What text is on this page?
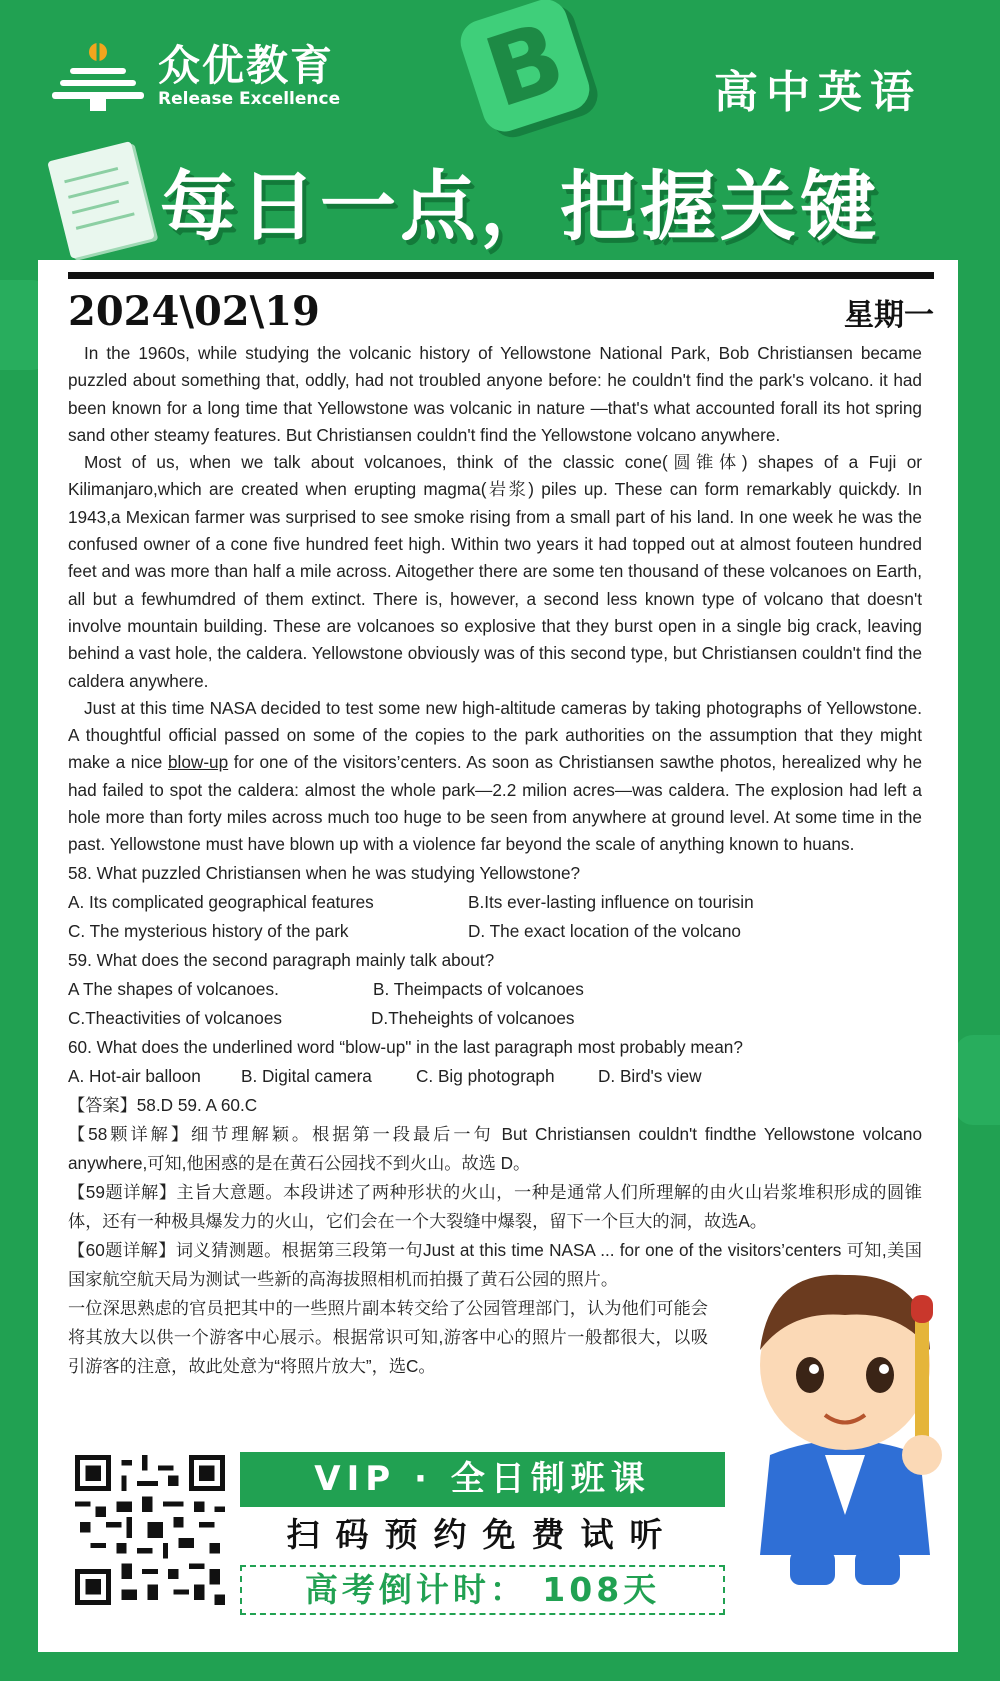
众优教育
Release Excellence B	高中英语
每日一点，把握关键
2024\02\19	星期一

In the 1960s, while studying the volcanic history of Yellowstone National Park, Bob Christiansen became puzzled about something that, oddly, had not troubled anyone before: he couldn't find the park's volcano. it had been known for a long time that Yellowstone was volcanic in nature —that's what accounted forall its hot spring sand other steamy features. But Christiansen couldn't find the Yellowstone volcano anywhere.

Most of us, when we talk about volcanoes, think of the classic cone(圆锥体) shapes of a Fuji or Kilimanjaro,which are created when erupting magma(岩浆) piles up. These can form remarkably quickdy. In 1943,a Mexican farmer was surprised to see smoke rising from a small part of his land. In one week he was the confused owner of a cone five hundred feet high. Within two years it had topped out at almost fouteen hundred feet and was more than half a mile across. Aitogether there are some ten thousand of these volcanoes on Earth, all but a fewhumdred of them extinct. There is, however, a second less known type of volcano that doesn't involve mountain building. These are volcanoes so explosive that they burst open in a single big crack, leaving behind a vast hole, the caldera. Yellowstone obviously was of this second type, but Christiansen couldn't find the caldera anywhere.

Just at this time NASA decided to test some new high-altitude cameras by taking photographs of Yellowstone. A thoughtful official passed on some of the copies to the park authorities on the assumption that they might make a nice blow-up for one of the visitors’centers. As soon as Christiansen sawthe photos, herealized why he had failed to spot the caldera: almost the whole park—2.2 milion acres—was caldera. The explosion had left a hole more than forty miles across much too huge to be seen from anywhere at ground level. At some time in the past. Yellowstone must have blown up with a violence far beyond the scale of anything known to huans.

58. What puzzled Christiansen when he was studying Yellowstone?

A. Its complicated geographical features	B.Its ever-lasting influence on tourisin
C. The mysterious history of the park	D. The exact location of the volcano

59. What does the second paragraph mainly talk about?

A The shapes of volcanoes.	B. Theimpacts of volcanoes
C.Theactivities of volcanoes	D.Theheights of volcanoes

60. What does the underlined word “blow-up" in the last paragraph most probably mean?

A. Hot-air balloon	B. Digital camera	C. Big photograph	D. Bird's view

【答案】58.D 59. A 60.C

【58颗详解】细节理解颖。根据第一段最后一句 But Christiansen couldn't findthe Yellowstone volcano anywhere,可知,他困惑的是在黄石公园找不到火山。故选 D。

【59题详解】主旨大意题。本段讲述了两种形状的火山，一种是通常人们所理解的由火山岩浆堆积形成的圆锥体，还有一种极具爆发力的火山，它们会在一个大裂缝中爆裂，留下一个巨大的洞，故选A。

【60题详解】词义猜测题。根据第三段第一句Just at this time NASA ... for one of the visitors’centers 可知,美国国家航空航天局为测试一些新的高海拔照相机而拍摄了黄石公园的照片。

一位深思熟虑的官员把其中的一些照片副本转交给了公园管理部门，认为他们可能会将其放大以供一个游客中心展示。根据常识可知,游客中心的照片一般都很大，以吸引游客的注意，故此处意为“将照片放大”，选C。

VIP · 全日制班课
扫码预约免费试听
高考倒计时： 108天
